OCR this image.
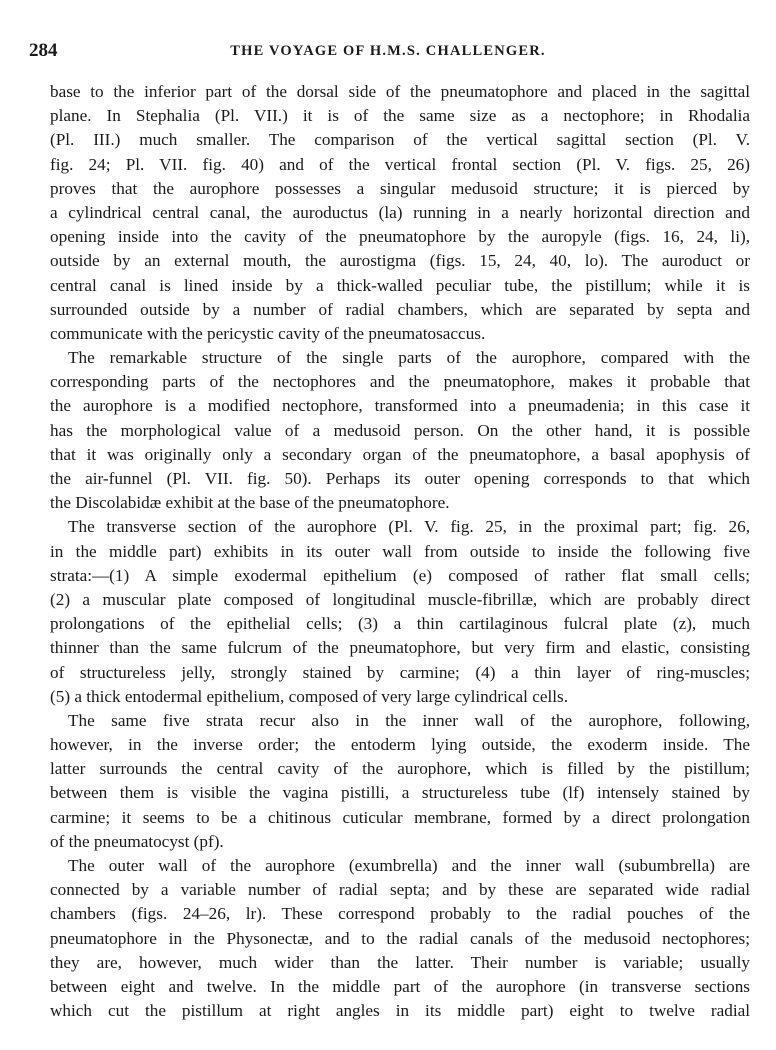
284	THE VOYAGE OF H.M.S. CHALLENGER.
base to the inferior part of the dorsal side of the pneumatophore and placed in the sagittal
plane. In Stephalia (Pl. VII.) it is of the same size as a nectophore; in Rhodalia
(Pl. III.) much smaller. The comparison of the vertical sagittal section (Pl. V.
fig. 24; Pl. VII. fig. 40) and of the vertical frontal section (Pl. V. figs. 25, 26)
proves that the aurophore possesses a singular medusoid structure; it is pierced by
a cylindrical central canal, the auroductus (la) running in a nearly horizontal direction and
opening inside into the cavity of the pneumatophore by the auropyle (figs. 16, 24, li),
outside by an external mouth, the aurostigma (figs. 15, 24, 40, lo). The auroduct or
central canal is lined inside by a thick-walled peculiar tube, the pistillum; while it is
surrounded outside by a number of radial chambers, which are separated by septa and
communicate with the pericystic cavity of the pneumatosaccus.
The remarkable structure of the single parts of the aurophore, compared with the
corresponding parts of the nectophores and the pneumatophore, makes it probable that
the aurophore is a modified nectophore, transformed into a pneumadenia; in this case it
has the morphological value of a medusoid person. On the other hand, it is possible
that it was originally only a secondary organ of the pneumatophore, a basal apophysis of
the air-funnel (Pl. VII. fig. 50). Perhaps its outer opening corresponds to that which
the Discolabidæ exhibit at the base of the pneumatophore.
The transverse section of the aurophore (Pl. V. fig. 25, in the proximal part; fig. 26,
in the middle part) exhibits in its outer wall from outside to inside the following five
strata:—(1) A simple exodermal epithelium (e) composed of rather flat small cells;
(2) a muscular plate composed of longitudinal muscle-fibrillæ, which are probably direct
prolongations of the epithelial cells; (3) a thin cartilaginous fulcral plate (z), much
thinner than the same fulcrum of the pneumatophore, but very firm and elastic, consisting
of structureless jelly, strongly stained by carmine; (4) a thin layer of ring-muscles;
(5) a thick entodermal epithelium, composed of very large cylindrical cells.
The same five strata recur also in the inner wall of the aurophore, following,
however, in the inverse order; the entoderm lying outside, the exoderm inside. The
latter surrounds the central cavity of the aurophore, which is filled by the pistillum;
between them is visible the vagina pistilli, a structureless tube (lf) intensely stained by
carmine; it seems to be a chitinous cuticular membrane, formed by a direct prolongation
of the pneumatocyst (pf).
The outer wall of the aurophore (exumbrella) and the inner wall (subumbrella) are
connected by a variable number of radial septa; and by these are separated wide radial
chambers (figs. 24–26, lr). These correspond probably to the radial pouches of the
pneumatophore in the Physonectæ, and to the radial canals of the medusoid nectophores;
they are, however, much wider than the latter. Their number is variable; usually
between eight and twelve. In the middle part of the aurophore (in transverse sections
which cut the pistillum at right angles in its middle part) eight to twelve radial
